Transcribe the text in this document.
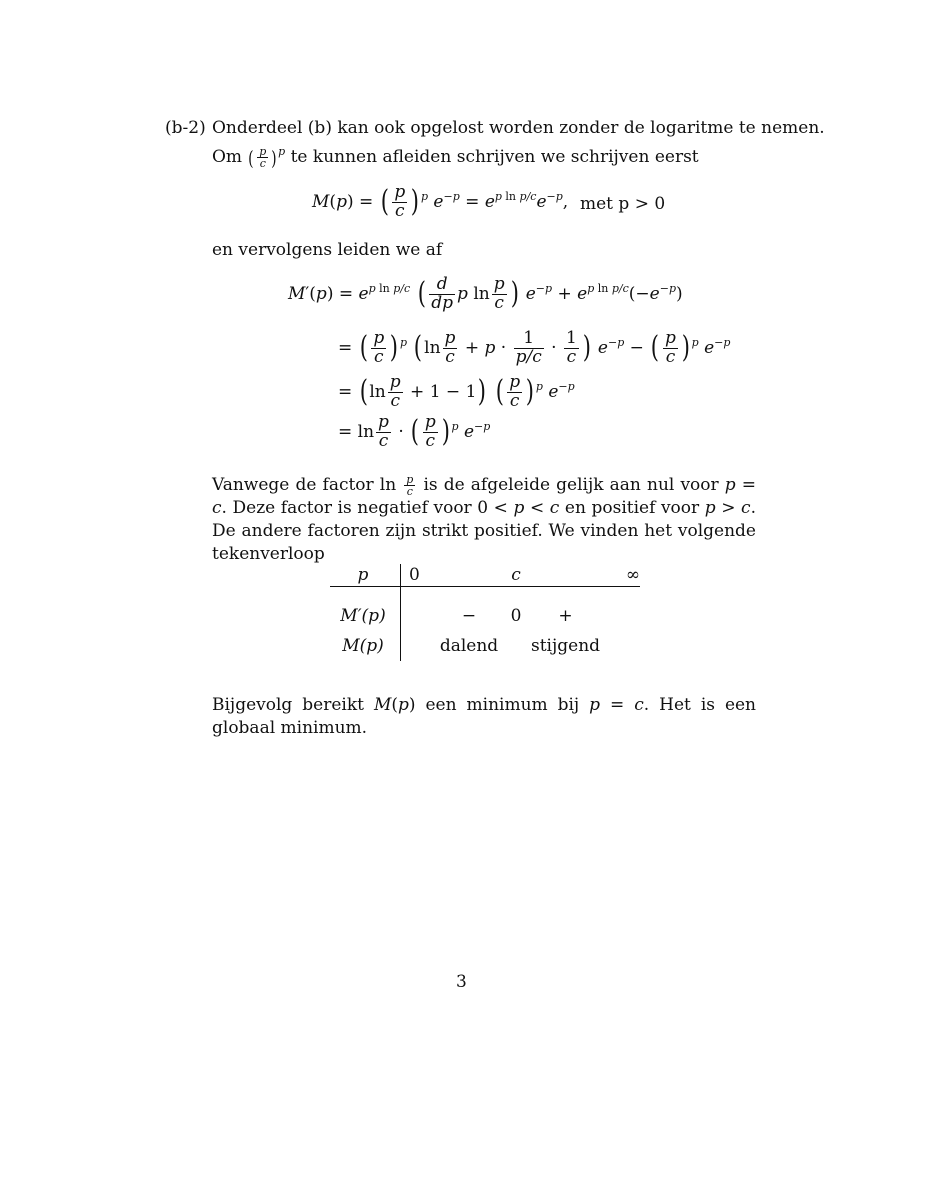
(b-2) Onderdeel (b) kan ook opgelost worden zonder de logaritme te nemen.
Om ( $\frac{p}{c} )^p$ te kunnen afleiden schrijven we schrijven eerst
M(p) = ( $\frac{p}{c}$ ) $^p$ $e^{-p} = e^{p ln p/c}e^{-p}$, met p > 0
en vervolgens leiden we af
$M'(p) = e^{p ln p/c}$ ( $\frac{d}{dp}$ p $\ln \frac{p}{c}$ ) $e^{-p} + e^{p ln p/c}(-e^{-p})$
= ( $\frac{p}{c}$ ) $^p$ ( $\ln \frac{p}{c} + p \cdot \frac{1}{p/c} \cdot \frac{1}{c}$ ) $e^{-p}$ − ( $\frac{p}{c}$ ) $^p$ $e^{-p}$
= ( $\ln \frac{p}{c} + 1 - 1$) ( $\frac{p}{c}$ ) $^p$ $e^{-p}$
= $\ln \frac{p}{c}$ · ( $\frac{p}{c}$ ) $^p$ $e^{-p}$
Vanwege de factor $\ln \frac{p}{c}$ is de afgeleide gelijk aan nul voor p = c. Deze factor is negatief voor 0 < p < c en positief voor p > c. De andere factoren zijn strikt positief. We vinden het volgende tekenverloop
p	0		c		∞

M′(p)		−	0	+	
M(p)		dalend		stijgend	
Bijgevolg bereikt M(p) een minimum bij p = c. Het is een globaal minimum.
3
